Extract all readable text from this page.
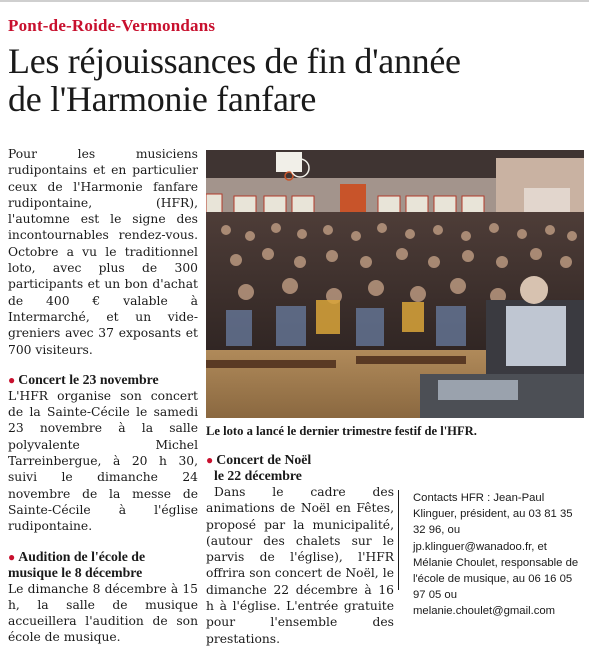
Pont-de-Roide-Vermondans
Les réjouissances de fin d'année
de l'Harmonie fanfare

Pour les musiciens rudipontains et en particulier ceux de l'Harmonie fanfare rudipontaine, (HFR), l'automne est le signe des incontournables rendez-vous. Octobre a vu le traditionnel loto, avec plus de 300 participants et un bon d'achat de 400 € valable à Intermarché, et un vide-greniers avec 37 exposants et 700 visiteurs.

● Concert le 23 novembre

L'HFR organise son concert de la Sainte-Cécile le samedi 23 novembre à la salle polyvalente Michel Tarreinbergue, à 20 h 30, suivi le dimanche 24 novembre de la messe de Sainte-Cécile à l'église rudipontaine.

● Audition de l'école de
musique le 8 décembre

Le dimanche 8 décembre à 15 h, la salle de musique accueillera l'audition de son école de musique.

Le loto a lancé le dernier trimestre festif de l'HFR.

● Concert de Noël
le 22 décembre

Dans le cadre des animations de Noël en Fêtes, proposé par la municipalité, (autour des chalets sur le parvis de l'église), l'HFR offrira son concert de Noël, le dimanche 22 décembre à 16 h à l'église. L'entrée gratuite pour l'ensemble des prestations.

Contacts HFR : Jean-Paul Klinguer, président, au 03 81 35 32 96, ou jp.klinguer@wanadoo.fr, et Mélanie Choulet, responsable de l'école de musique, au 06 16 05 97 05 ou melanie.choulet@gmail.com
